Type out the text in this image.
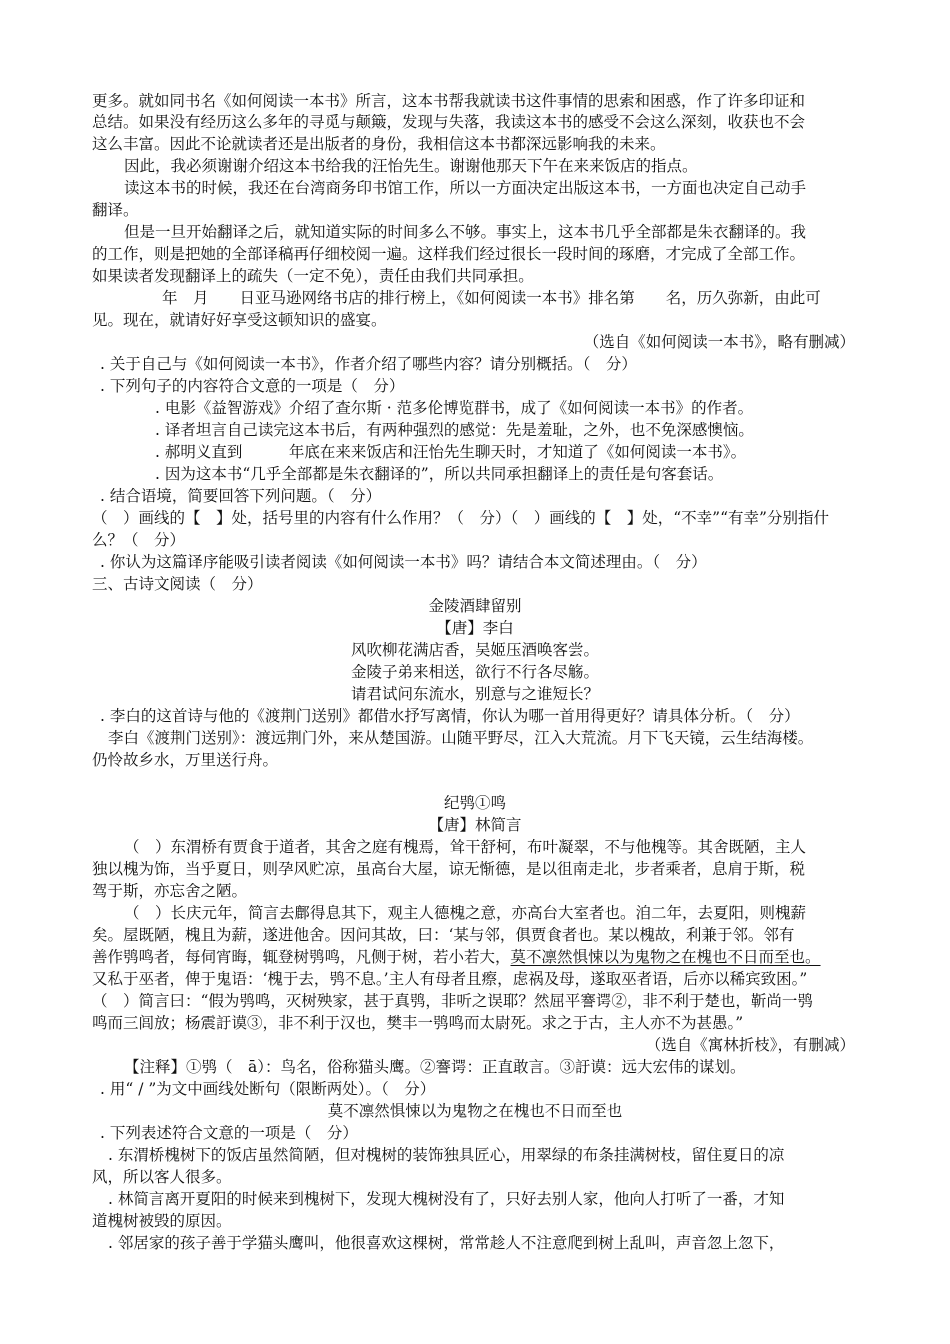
更多。就如同书名《如何阅读一本书》所言，这本书帮我就读书这件事情的思索和困惑，作了许多印证和
总结。如果没有经历这么多年的寻觅与颠簸，发现与失落，我读这本书的感受不会这么深刻，收获也不会
这么丰富。因此不论就读者还是出版者的身份，我相信这本书都深远影响我的未来。
因此，我必须谢谢介绍这本书给我的汪怡先生。谢谢他那天下午在来来饭店的指点。
读这本书的时候，我还在台湾商务印书馆工作，所以一方面决定出版这本书，一方面也决定自己动手
翻译。
但是一旦开始翻译之后，就知道实际的时间多么不够。事实上，这本书几乎全部都是朱衣翻译的。我
的工作，则是把她的全部译稿再仔细校阅一遍。这样我们经过很长一段时间的琢磨，才完成了全部工作。
如果读者发现翻译上的疏失（一定不免），责任由我们共同承担。
年　月　　日亚马逊网络书店的排行榜上，《如何阅读一本书》排名第　　名，历久弥新，由此可
见。现在，就请好好享受这顿知识的盛宴。
（选自《如何阅读一本书》，略有删减）
. 关于自己与《如何阅读一本书》，作者介绍了哪些内容？请分别概括。（　分）
. 下列句子的内容符合文意的一项是（　分）
. 电影《益智游戏》介绍了查尔斯 · 范多伦博览群书，成了《如何阅读一本书》的作者。
. 译者坦言自己读完这本书后，有两种强烈的感觉：先是羞耻，之外，也不免深感懊恼。
. 郝明义直到　　　年底在来来饭店和汪怡先生聊天时，才知道了《如何阅读一本书》。
. 因为这本书“几乎全部都是朱衣翻译的”，所以共同承担翻译上的责任是句客套话。
. 结合语境，简要回答下列问题。（　分）
（　）画线的【　】处，括号里的内容有什么作用？（　分）（　）画线的【　】处，“不幸”“有幸”分别指什
么？（　分）
. 你认为这篇译序能吸引读者阅读《如何阅读一本书》吗？请结合本文简述理由。（　分）
三、古诗文阅读（　分）
金陵酒肆留别
【唐】李白
风吹柳花满店香，吴姬压酒唤客尝。
金陵子弟来相送，欲行不行各尽觞。
请君试问东流水，别意与之谁短长？
. 李白的这首诗与他的《渡荆门送别》都借水抒写离情，你认为哪一首用得更好？请具体分析。（　分）
李白《渡荆门送别》：渡远荆门外，来从楚国游。山随平野尽，江入大荒流。月下飞天镜，云生结海楼。
仍怜故乡水，万里送行舟。
纪鸮①鸣
【唐】林简言
（　）东渭桥有贾食于道者，其舍之庭有槐焉，耸干舒柯，布叶凝翠，不与他槐等。其舍既陋，主人
独以槐为饰，当乎夏日，则孕风贮凉，虽高台大屋，谅无惭德，是以徂南走北，步者乘者，息肩于斯，税
驾于斯，亦忘舍之陋。
（　）长庆元年，简言去鄜得息其下，观主人德槐之意，亦高台大室者也。洎二年，去夏阳，则槐薪
矣。屋既陋，槐且为薪，遂进他舍。因问其故，曰：‘某与邻，俱贾食者也。某以槐故，利兼于邻。邻有
善作鸮鸣者，每伺宵晦，辄登树鸮鸣，凡侧于树，若小若大，莫不凛然惧悚以为鬼物之在槐也不日而至也。
又私于巫者，俾于鬼语：‘槐于去，鸮不息。’主人有母者且瘵，虑祸及母，遂取巫者语，后亦以稀宾致困。”
（　）简言曰：“假为鸮鸣，灭树殃家，甚于真鸮，非听之误耶？然屈平謇谔②，非不利于楚也，靳尚一鸮
鸣而三闾放；杨震訏谟③，非不利于汉也，樊丰一鸮鸣而太尉死。求之于古，主人亦不为甚愚。”
（选自《寓林折枝》，有删减）
【注释】①鸮（　ā）：鸟名，俗称猫头鹰。②謇谔：正直敢言。③訏谟：远大宏伟的谋划。
. 用“ / ”为文中画线处断句（限断两处）。（　分）
莫不凛然惧悚以为鬼物之在槐也不日而至也
. 下列表述符合文意的一项是（　分）
. 东渭桥槐树下的饭店虽然简陋，但对槐树的装饰独具匠心，用翠绿的布条挂满树枝，留住夏日的凉
风，所以客人很多。
. 林简言离开夏阳的时候来到槐树下，发现大槐树没有了，只好去别人家，他向人打听了一番，才知
道槐树被毁的原因。
. 邻居家的孩子善于学猫头鹰叫，他很喜欢这棵树，常常趁人不注意爬到树上乱叫，声音忽上忽下，
